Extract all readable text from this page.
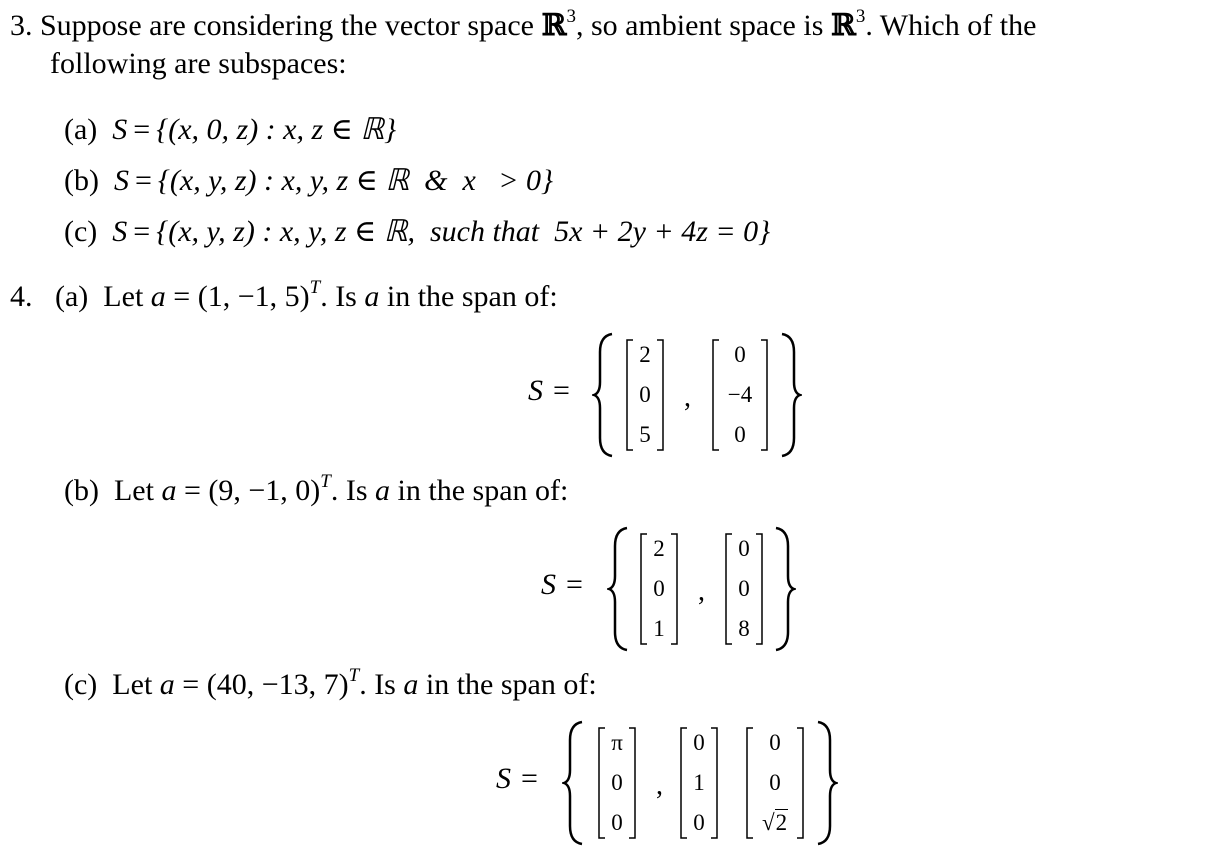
3. Suppose are considering the vector space ℝ$^3$, so ambient space is ℝ$^3$. Which of the
following are subspaces:
(a) S = {(x, 0, z) : x, z ∈ ℝ}
(b) S = {(x, y, z) : x, y, z ∈ ℝ  &  x   > 0}
(c) S = {(x, y, z) : x, y, z ∈ ℝ,  such that  5x + 2y + 4z = 0}
4. (a) Let a = (1, −1, 5)$^T$. Is a in the span of:
S =
2
0
5
,
0
−4
0
(b) Let a = (9, −1, 0)$^T$. Is a in the span of:
S =
2
0
1
,
0
0
8
(c) Let a = (40, −13, 7)$^T$. Is a in the span of:
S =
π
0
0
,
0
1
0
0
0
√2
